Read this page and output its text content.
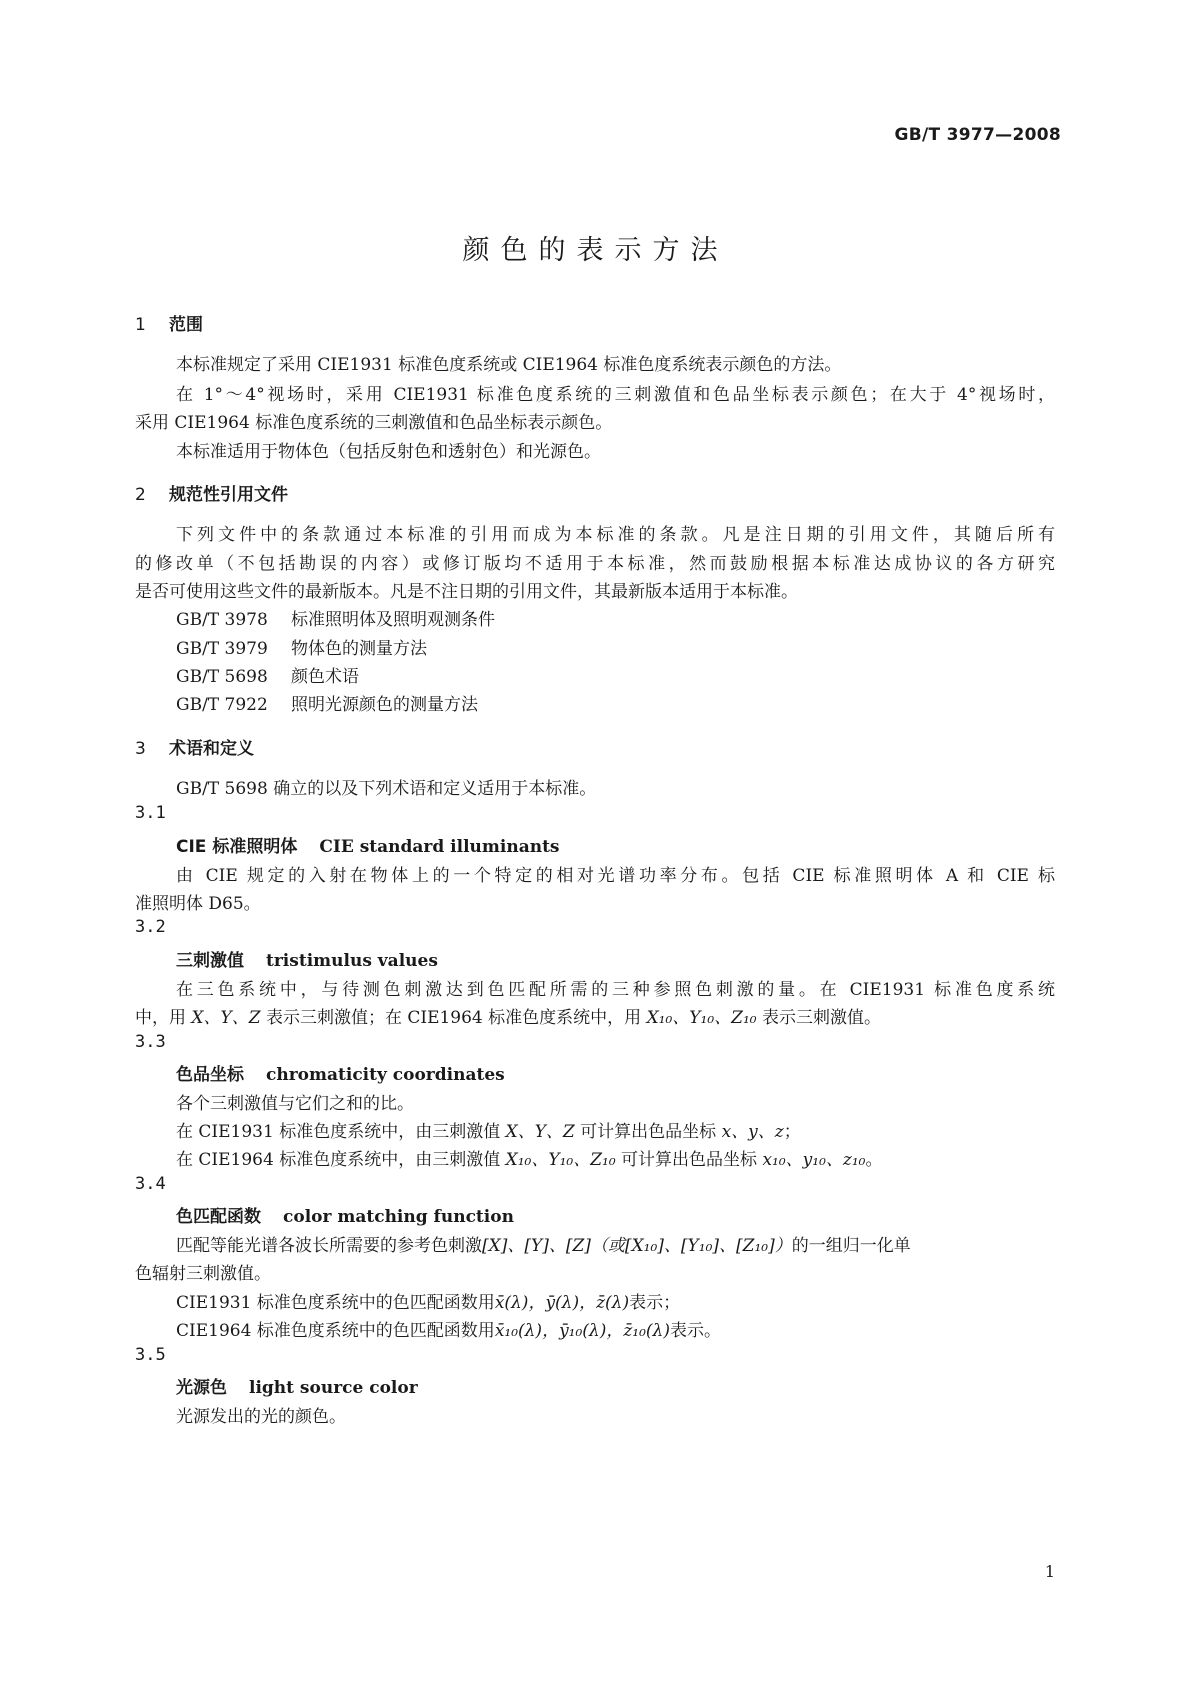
GB/T 3977—2008
颜色的表示方法
1 范围
本标准规定了采用 CIE1931 标准色度系统或 CIE1964 标准色度系统表示颜色的方法。
在 1°～4°视场时，采用 CIE1931 标准色度系统的三刺激值和色品坐标表示颜色；在大于 4°视场时，
采用 CIE1964 标准色度系统的三刺激值和色品坐标表示颜色。
本标准适用于物体色（包括反射色和透射色）和光源色。
2 规范性引用文件
下列文件中的条款通过本标准的引用而成为本标准的条款。凡是注日期的引用文件，其随后所有
的修改单（不包括勘误的内容）或修订版均不适用于本标准，然而鼓励根据本标准达成协议的各方研究
是否可使用这些文件的最新版本。凡是不注日期的引用文件，其最新版本适用于本标准。
GB/T 3978 标准照明体及照明观测条件
GB/T 3979 物体色的测量方法
GB/T 5698 颜色术语
GB/T 7922 照明光源颜色的测量方法
3 术语和定义
GB/T 5698 确立的以及下列术语和定义适用于本标准。
3.1
CIE 标准照明体 CIE standard illuminants
由 CIE 规定的入射在物体上的一个特定的相对光谱功率分布。包括 CIE 标准照明体 A 和 CIE 标
准照明体 D65。
3.2
三刺激值 tristimulus values
在三色系统中，与待测色刺激达到色匹配所需的三种参照色刺激的量。在 CIE1931 标准色度系统
中，用 X、Y、Z 表示三刺激值；在 CIE1964 标准色度系统中，用 X₁₀、Y₁₀、Z₁₀ 表示三刺激值。
3.3
色品坐标 chromaticity coordinates
各个三刺激值与它们之和的比。
在 CIE1931 标准色度系统中，由三刺激值 X、Y、Z 可计算出色品坐标 x、y、z；
在 CIE1964 标准色度系统中，由三刺激值 X₁₀、Y₁₀、Z₁₀ 可计算出色品坐标 x₁₀、y₁₀、z₁₀。
3.4
色匹配函数 color matching function
匹配等能光谱各波长所需要的参考色刺激[X]、[Y]、[Z]（或[X₁₀]、[Y₁₀]、[Z₁₀]）的一组归一化单
色辐射三刺激值。
CIE1931 标准色度系统中的色匹配函数用x̄(λ)，ȳ(λ)，z̄(λ)表示；
CIE1964 标准色度系统中的色匹配函数用x̄₁₀(λ)，ȳ₁₀(λ)，z̄₁₀(λ)表示。
3.5
光源色 light source color
光源发出的光的颜色。
1
